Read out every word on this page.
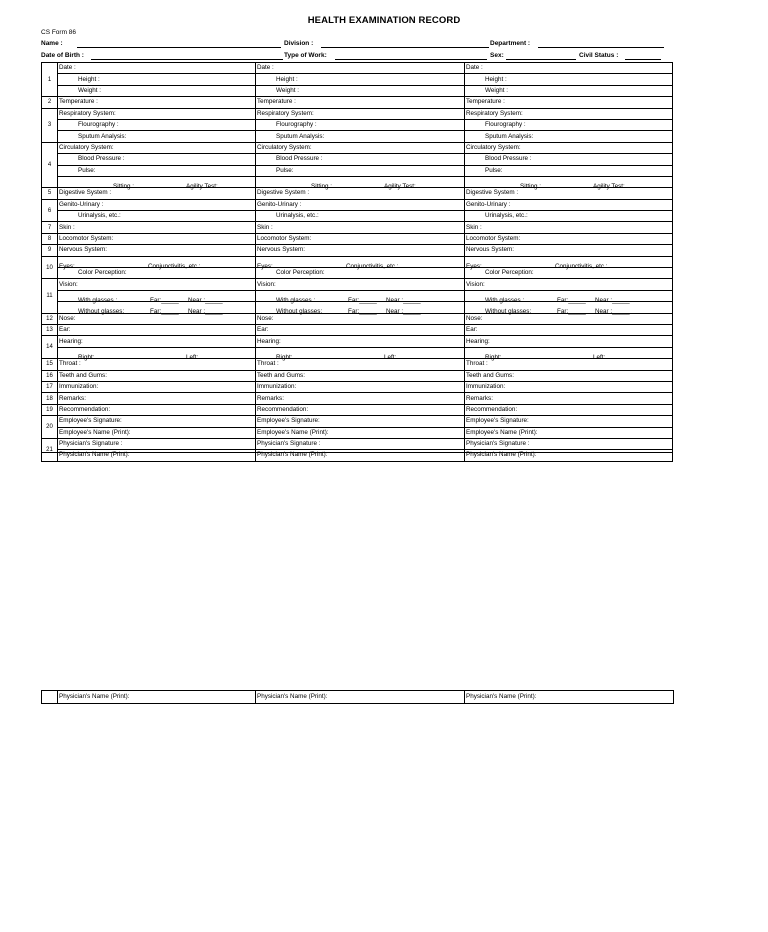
HEALTH EXAMINATION RECORD
CS Form 86
Name :	Division :	Department :
Date of Birth :	Type of Work:	Sex:	Civil Status :
1	Date :	Date :	Date :
	Height :	Height :	Height :
	Weight :	Weight :	Weight :
2	Temperature :	Temperature :	Temperature :
3	Respiratory System:	Respiratory System:	Respiratory System:
	Flourography :	Flourography :	Flourography :
	Sputum Analysis:	Sputum Analysis:	Sputum Analysis:
4	Circulatory System:	Circulatory System:	Circulatory System:
	Blood Pressure :	Blood Pressure :	Blood Pressure :
	Pulse:	Pulse:	Pulse:

	Sitting : Agility Test:	Sitting : Agility Test:	Sitting : Agility Test:

5	Digestive System :	Digestive System :	Digestive System :
6	Genito-Urinary :	Genito-Urinary :	Genito-Urinary :
	Urinalysis, etc.:	Urinalysis, etc.:	Urinalysis, etc.:
7	Skin :	Skin :	Skin :
8	Locomotor System:	Locomotor System:	Locomotor System:
9	Nervous System:	Nervous System:	Nervous System:
10	Eyes: Conjunctivitis, etc.:	Eyes: Conjunctivitis, etc.:	Eyes: Conjunctivitis, etc.:

	Color Perception:	Color Perception:	Color Perception:
11	Vision:	Vision:	Vision:

	With glasses : Far:_____ Near :_____	With glasses : Far:_____ Near :_____	With glasses : Far:_____ Near :_____

	Without glasses: Far:_____ Near :_____	Without glasses: Far:_____ Near :_____	Without glasses: Far:_____ Near :_____

12	Nose:	Nose:	Nose:
13	Ear:	Ear:	Ear:
14	Hearing:	Hearing:	Hearing:

	Right: Left:	Right: Left:	Right: Left:

15	Throat :	Throat :	Throat :
16	Teeth and Gums:	Teeth and Gums:	Teeth and Gums:
17	Immunization:	Immunization:	Immunization:
18	Remarks:	Remarks:	Remarks:
19	Recommendation:	Recommendation:	Recommendation:
20	Employee's Signature:	Employee's Signature:	Employee's Signature:
	Employee's Name (Print):	Employee's Name (Print):	Employee's Name (Print):
21	Physician's Signature :	Physician's Signature :	Physician's Signature :
	Physician's Name (Print):	Physician's Name (Print):	Physician's Name (Print):
	Physician's Name (Print):	Physician's Name (Print):	Physician's Name (Print):
